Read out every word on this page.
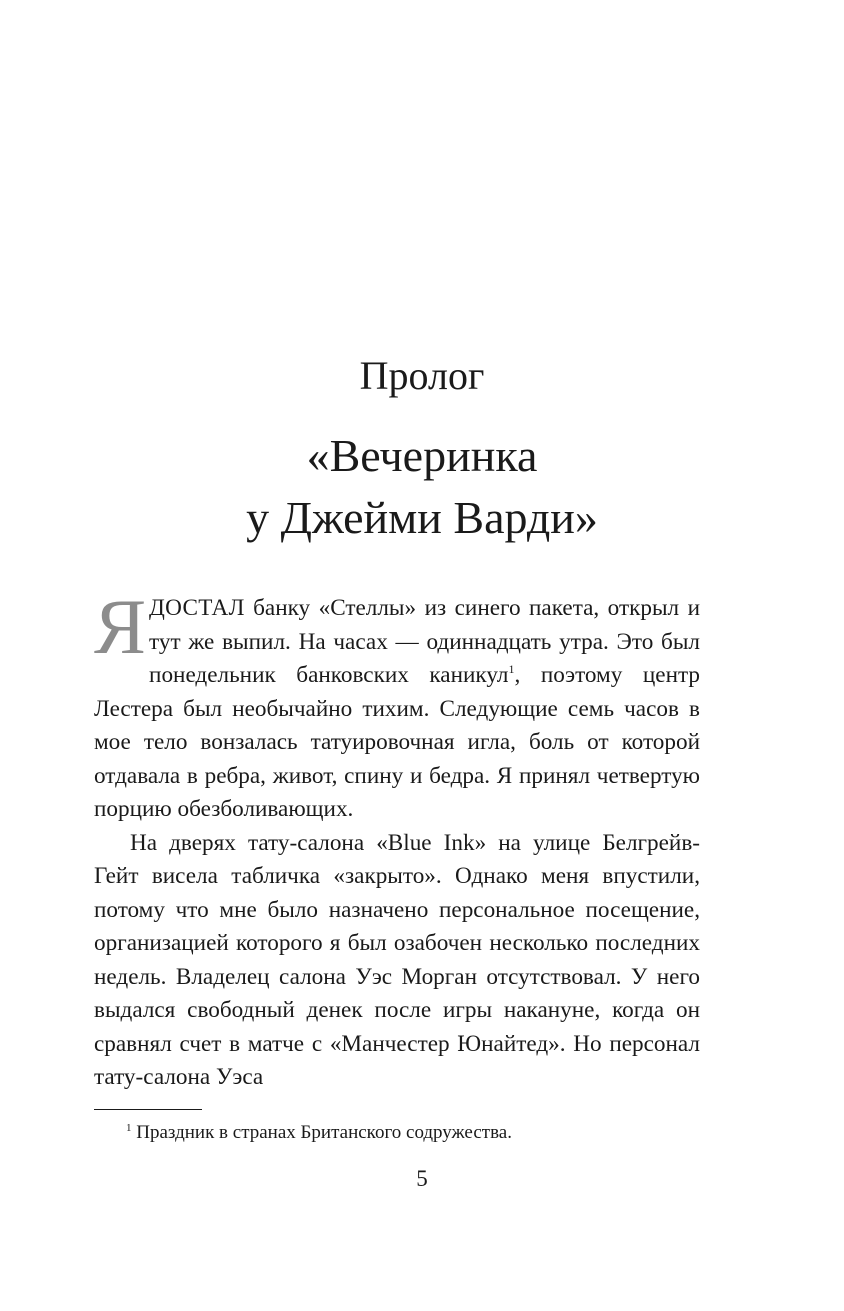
Пролог
«Вечеринка
у Джейми Варди»

ЯДОСТАЛ банку «Стеллы» из синего пакета, открыл и тут же выпил. На часах — одиннадцать утра. Это был понедельник банковских каникул$^1$, поэтому центр Лестера был необычайно тихим. Следующие семь часов в мое тело вонзалась татуировочная игла, боль от которой отдавала в ребра, живот, спину и бедра. Я принял четвертую порцию обезболивающих.

На дверях тату-салона «Blue Ink» на улице Белгрейв-Гейт висела табличка «закрыто». Однако меня впустили, потому что мне было назначено персональное посещение, организацией которого я был озабочен несколько последних недель. Владелец салона Уэс Морган отсутствовал. У него выдался свободный денек после игры накануне, когда он сравнял счет в матче с «Манчестер Юнайтед». Но персонал тату-салона Уэса

$^1$ Праздник в странах Британского содружества.
5
